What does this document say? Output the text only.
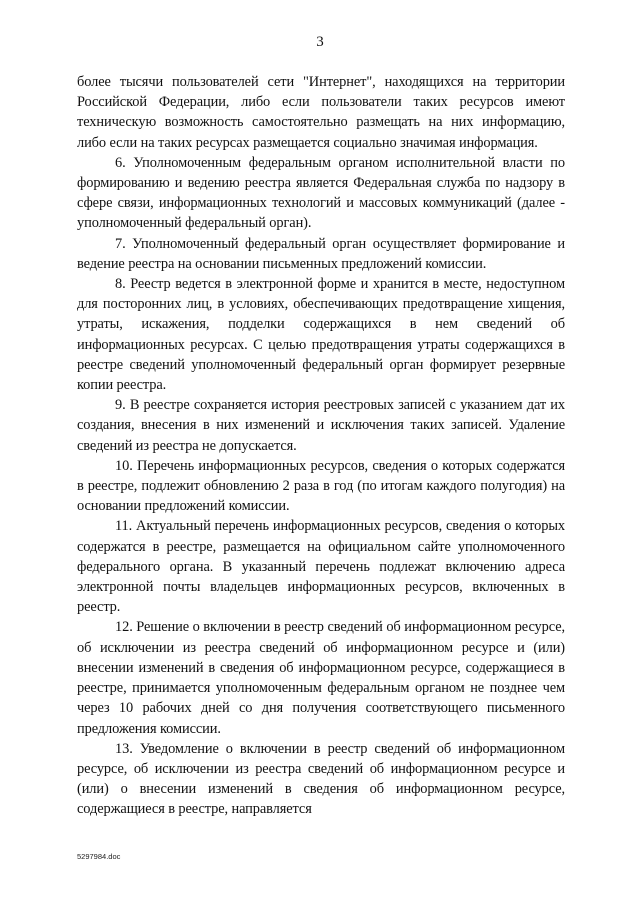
3

более тысячи пользователей сети "Интернет", находящихся на территории Российской Федерации, либо если пользователи таких ресурсов имеют техническую возможность самостоятельно размещать на них информацию, либо если на таких ресурсах размещается социально значимая информация.

6. Уполномоченным федеральным органом исполнительной власти по формированию и ведению реестра является Федеральная служба по надзору в сфере связи, информационных технологий и массовых коммуникаций (далее - уполномоченный федеральный орган).

7. Уполномоченный федеральный орган осуществляет формирование и ведение реестра на основании письменных предложений комиссии.

8. Реестр ведется в электронной форме и хранится в месте, недоступном для посторонних лиц, в условиях, обеспечивающих предотвращение хищения, утраты, искажения, подделки содержащихся в нем сведений об информационных ресурсах. С целью предотвращения утраты содержащихся в реестре сведений уполномоченный федеральный орган формирует резервные копии реестра.

9. В реестре сохраняется история реестровых записей с указанием дат их создания, внесения в них изменений и исключения таких записей. Удаление сведений из реестра не допускается.

10. Перечень информационных ресурсов, сведения о которых содержатся в реестре, подлежит обновлению 2 раза в год (по итогам каждого полугодия) на основании предложений комиссии.

11. Актуальный перечень информационных ресурсов, сведения о которых содержатся в реестре, размещается на официальном сайте уполномоченного федерального органа. В указанный перечень подлежат включению адреса электронной почты владельцев информационных ресурсов, включенных в реестр.

12. Решение о включении в реестр сведений об информационном ресурсе, об исключении из реестра сведений об информационном ресурсе и (или) внесении изменений в сведения об информационном ресурсе, содержащиеся в реестре, принимается уполномоченным федеральным органом не позднее чем через 10 рабочих дней со дня получения соответствующего письменного предложения комиссии.

13. Уведомление о включении в реестр сведений об информационном ресурсе, об исключении из реестра сведений об информационном ресурсе и (или) о внесении изменений в сведения об информационном ресурсе, содержащиеся в реестре, направляется

5297984.doc
